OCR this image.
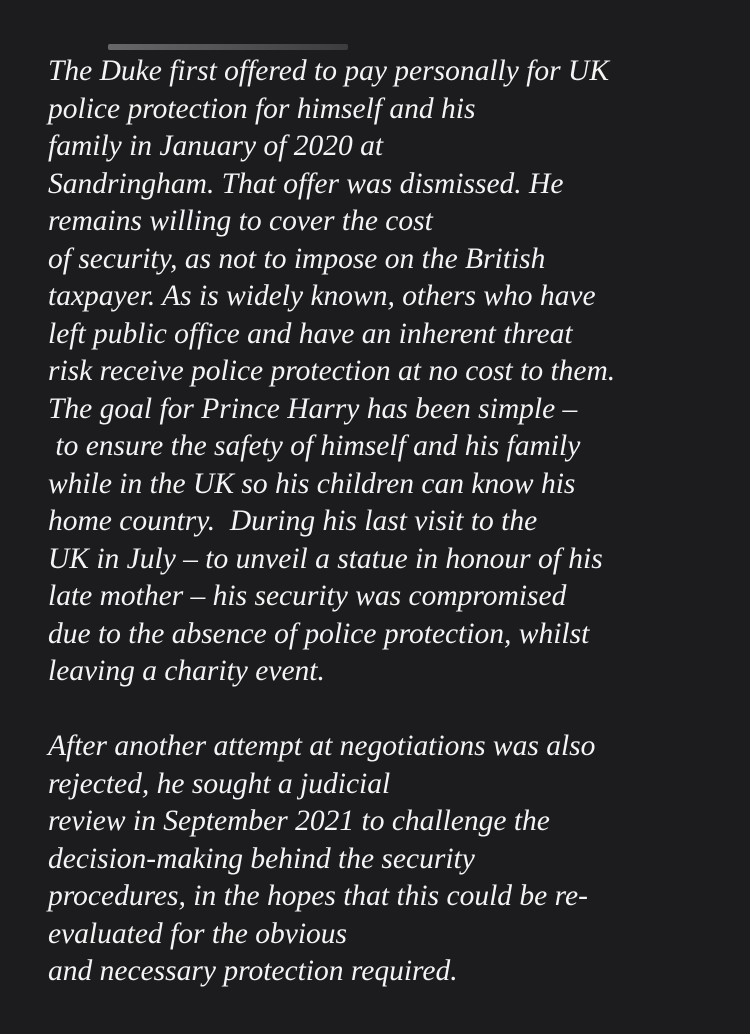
The Duke first offered to pay personally for UK
police protection for himself and his
family in January of 2020 at
Sandringham. That offer was dismissed. He
remains willing to cover the cost
of security, as not to impose on the British
taxpayer. As is widely known, others who have
left public office and have an inherent threat
risk receive police protection at no cost to them.
The goal for Prince Harry has been simple –
to ensure the safety of himself and his family
while in the UK so his children can know his
home country.  During his last visit to the
UK in July – to unveil a statue in honour of his
late mother – his security was compromised
due to the absence of police protection, whilst
leaving a charity event.
After another attempt at negotiations was also
rejected, he sought a judicial
review in September 2021 to challenge the
decision-making behind the security
procedures, in the hopes that this could be re-
evaluated for the obvious
and necessary protection required.
